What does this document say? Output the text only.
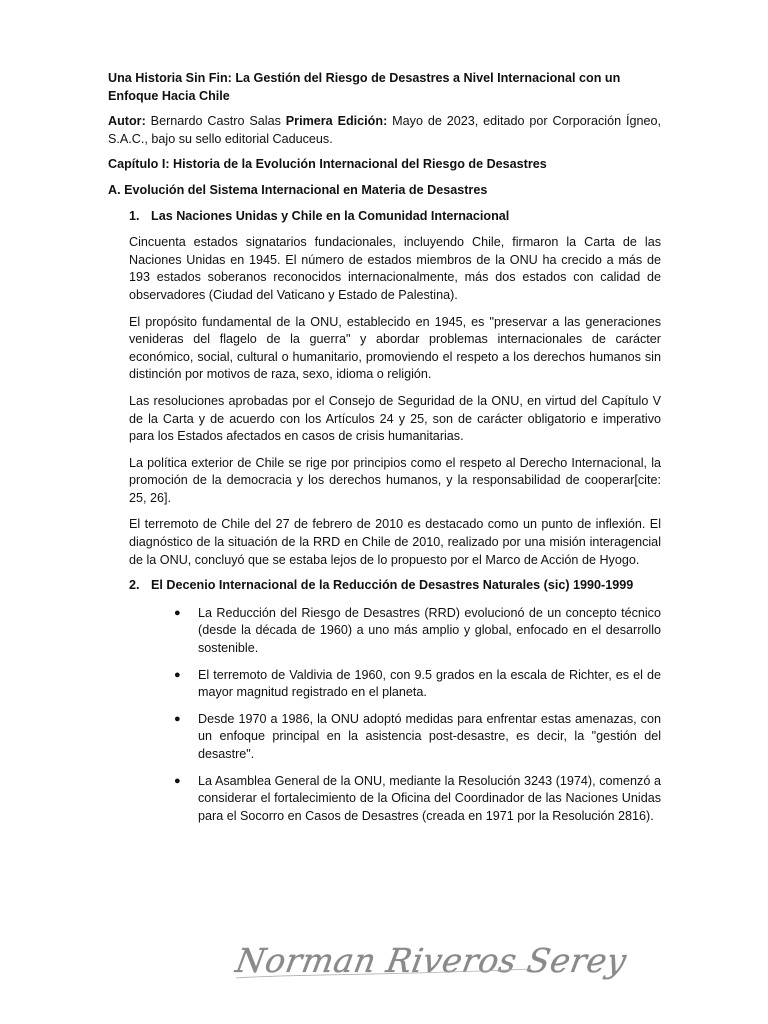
Una Historia Sin Fin: La Gestión del Riesgo de Desastres a Nivel Internacional con un Enfoque Hacia Chile

Autor: Bernardo Castro Salas Primera Edición: Mayo de 2023, editado por Corporación Ígneo, S.A.C., bajo su sello editorial Caduceus.

Capítulo I: Historia de la Evolución Internacional del Riesgo de Desastres

A. Evolución del Sistema Internacional en Materia de Desastres

1. Las Naciones Unidas y Chile en la Comunidad Internacional

Cincuenta estados signatarios fundacionales, incluyendo Chile, firmaron la Carta de las Naciones Unidas en 1945. El número de estados miembros de la ONU ha crecido a más de 193 estados soberanos reconocidos internacionalmente, más dos estados con calidad de observadores (Ciudad del Vaticano y Estado de Palestina).

El propósito fundamental de la ONU, establecido en 1945, es "preservar a las generaciones venideras del flagelo de la guerra" y abordar problemas internacionales de carácter económico, social, cultural o humanitario, promoviendo el respeto a los derechos humanos sin distinción por motivos de raza, sexo, idioma o religión.

Las resoluciones aprobadas por el Consejo de Seguridad de la ONU, en virtud del Capítulo V de la Carta y de acuerdo con los Artículos 24 y 25, son de carácter obligatorio e imperativo para los Estados afectados en casos de crisis humanitarias.

La política exterior de Chile se rige por principios como el respeto al Derecho Internacional, la promoción de la democracia y los derechos humanos, y la responsabilidad de cooperar[cite: 25, 26].

El terremoto de Chile del 27 de febrero de 2010 es destacado como un punto de inflexión. El diagnóstico de la situación de la RRD en Chile de 2010, realizado por una misión interagencial de la ONU, concluyó que se estaba lejos de lo propuesto por el Marco de Acción de Hyogo.

2. El Decenio Internacional de la Reducción de Desastres Naturales (sic) 1990-1999
●	La Reducción del Riesgo de Desastres (RRD) evolucionó de un concepto técnico (desde la década de 1960) a uno más amplio y global, enfocado en el desarrollo sostenible.
●	El terremoto de Valdivia de 1960, con 9.5 grados en la escala de Richter, es el de mayor magnitud registrado en el planeta.
●	Desde 1970 a 1986, la ONU adoptó medidas para enfrentar estas amenazas, con un enfoque principal en la asistencia post-desastre, es decir, la "gestión del desastre".
●	La Asamblea General de la ONU, mediante la Resolución 3243 (1974), comenzó a considerar el fortalecimiento de la Oficina del Coordinador de las Naciones Unidas para el Socorro en Casos de Desastres (creada en 1971 por la Resolución 2816).
Norman Riveros Serey
